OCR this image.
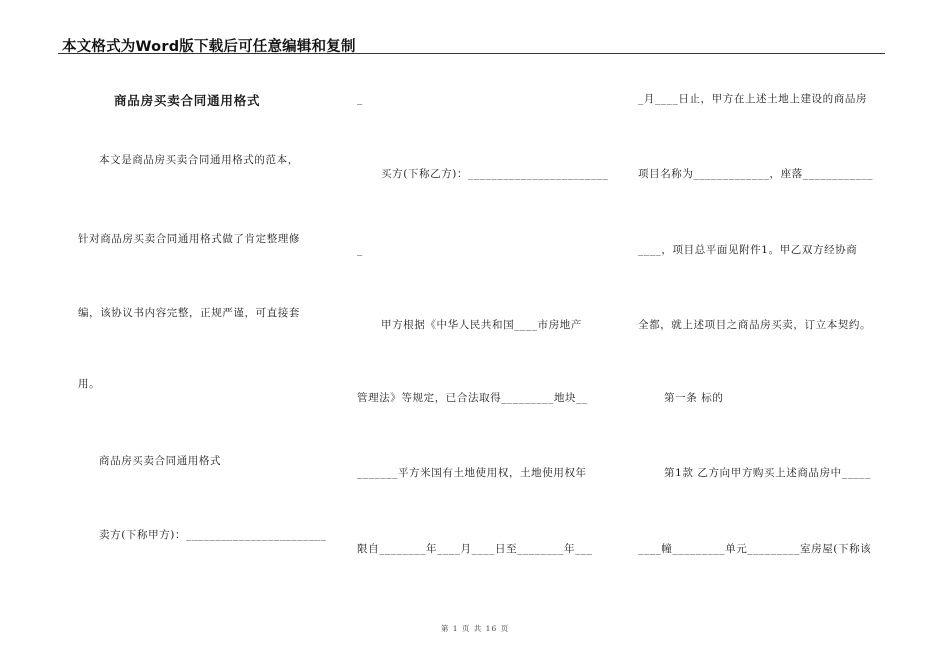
本文格式为Word版下载后可任意编辑和复制
商品房买卖合同通用格式
本文是商品房买卖合同通用格式的范本，
针对商品房买卖合同通用格式做了肯定整理修
编，该协议书内容完整，正规严谨，可直接套
用。
商品房买卖合同通用格式
卖方(下称甲方)：________________________
_
买方(下称乙方)：________________________
_
甲方根据《中华人民共和国____市房地产
管理法》等规定，已合法取得_________地块__
_______平方米国有土地使用权，土地使用权年
限自________年____月____日至________年___
_月____日止，甲方在上述土地上建设的商品房
项目名称为_____________，座落____________
____，项目总平面见附件1。甲乙双方经协商
全都，就上述项目之商品房买卖，订立本契约。
第一条 标的
第1款 乙方向甲方购买上述商品房中_____
____幢_________单元_________室房屋(下称该
第 1 页 共 16 页
